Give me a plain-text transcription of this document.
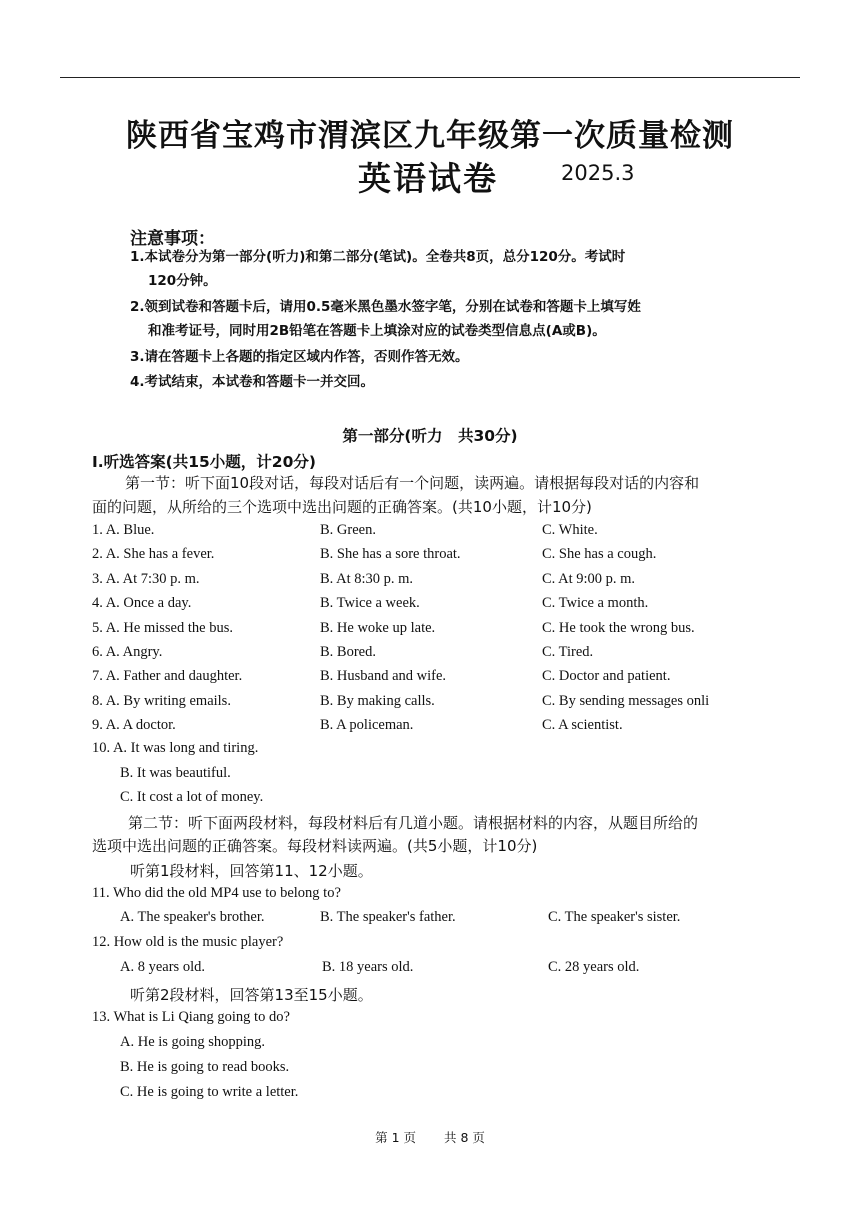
陕西省宝鸡市渭滨区九年级第一次质量检测
英语试卷	2025.3
注意事项：
1.本试卷分为第一部分(听力)和第二部分(笔试)。全卷共8页，总分120分。考试时
120分钟。
2.领到试卷和答题卡后，请用0.5毫米黑色墨水签字笔，分别在试卷和答题卡上填写姓
和准考证号，同时用2B铅笔在答题卡上填涂对应的试卷类型信息点(A或B)。
3.请在答题卡上各题的指定区域内作答，否则作答无效。
4.考试结束，本试卷和答题卡一并交回。
第一部分(听力　共30分)
Ⅰ.听选答案(共15小题，计20分)
第一节：听下面10段对话，每段对话后有一个问题，读两遍。请根据每段对话的内容和
面的问题，从所给的三个选项中选出问题的正确答案。(共10小题，计10分)
1. A. Blue.	B. Green.	C. White.
2. A. She has a fever.	B. She has a sore throat.	C. She has a cough.
3. A. At 7:30 p. m.	B. At 8:30 p. m.	C. At 9:00 p. m.
4. A. Once a day.	B. Twice a week.	C. Twice a month.
5. A. He missed the bus.	B. He woke up late.	C. He took the wrong bus.
6. A. Angry.	B. Bored.	C. Tired.
7. A. Father and daughter.	B. Husband and wife.	C. Doctor and patient.
8. A. By writing emails.	B. By making calls.	C. By sending messages onli
9. A. A doctor.	B. A policeman.	C. A scientist.
10. A. It was long and tiring.
B. It was beautiful.
C. It cost a lot of money.
第二节：听下面两段材料，每段材料后有几道小题。请根据材料的内容，从题目所给的
选项中选出问题的正确答案。每段材料读两遍。(共5小题，计10分)
听第1段材料，回答第11、12小题。
11. Who did the old MP4 use to belong to?
A. The speaker's brother.	B. The speaker's father.	C. The speaker's sister.
12. How old is the music player?
A. 8 years old.	B. 18 years old.	C. 28 years old.
听第2段材料，回答第13至15小题。
13. What is Li Qiang going to do?
A. He is going shopping.
B. He is going to read books.
C. He is going to write a letter.
第 1 页 共 8 页
